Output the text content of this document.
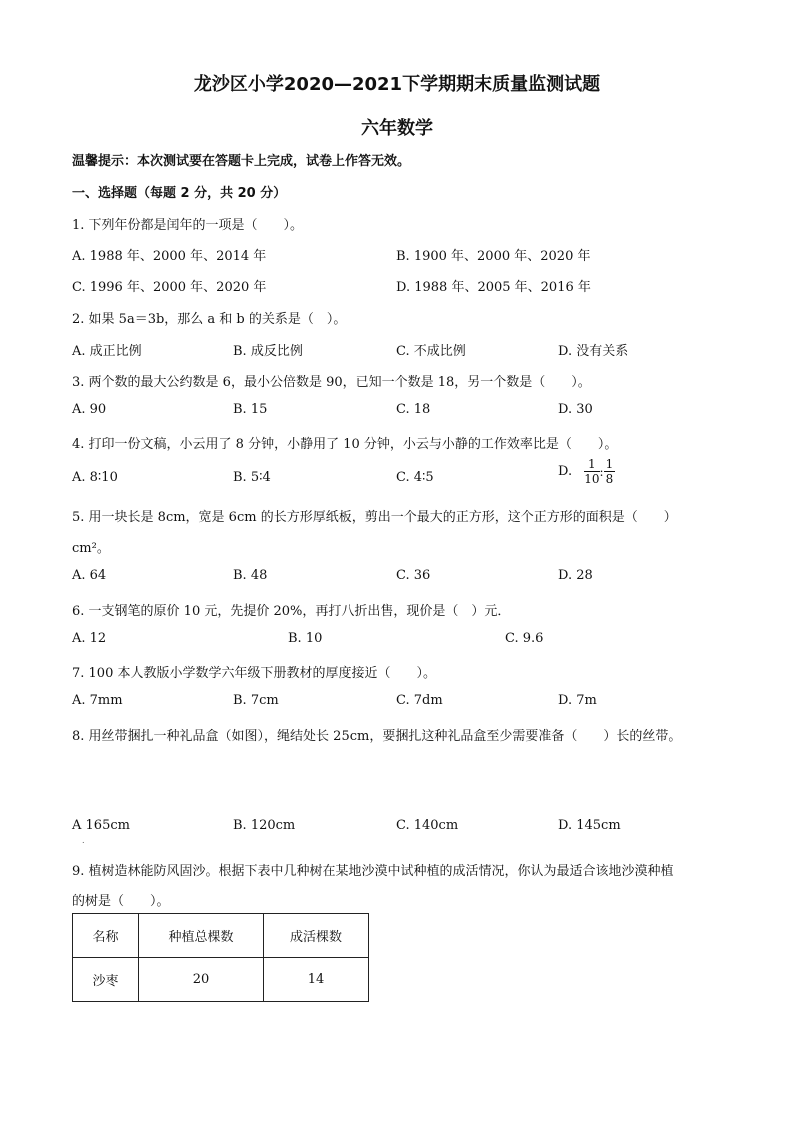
龙沙区小学2020—2021下学期期末质量监测试题
六年数学
温馨提示：本次测试要在答题卡上完成，试卷上作答无效。
一、选择题（每题 2 分，共 20 分）
1. 下列年份都是闰年的一项是（　　）。
A. 1988 年、2000 年、2014 年	B. 1900 年、2000 年、2020 年
C. 1996 年、2000 年、2020 年	D. 1988 年、2005 年、2016 年
2. 如果 5a＝3b，那么 a 和 b 的关系是（　）。
A. 成正比例	B. 成反比例	C. 不成比例	D. 没有关系
3. 两个数的最大公约数是 6，最小公倍数是 90，已知一个数是 18，另一个数是（　　）。
A. 90	B. 15	C. 18	D. 30
4. 打印一份文稿，小云用了 8 分钟，小静用了 10 分钟，小云与小静的工作效率比是（　　）。
A. 8∶10	B. 5∶4	C. 4∶5	D. $\frac{1}{10}$ : $\frac{1}{8}$
5. 用一块长是 8cm，宽是 6cm 的长方形厚纸板，剪出一个最大的正方形，这个正方形的面积是（　　）
cm²。
A. 64	B. 48	C. 36	D. 28
6. 一支钢笔的原价 10 元，先提价 20%，再打八折出售，现价是（　）元．
A. 12	B. 10	C. 9.6
7. 100 本人教版小学数学六年级下册教材的厚度接近（　　）。
A. 7mm	B. 7cm	C. 7dm	D. 7m
8. 用丝带捆扎一种礼品盒（如图），绳结处长 25cm，要捆扎这种礼品盒至少需要准备（　　）长的丝带。
A 165cm	B. 120cm	C. 140cm	D. 145cm
.
9. 植树造林能防风固沙。根据下表中几种树在某地沙漠中试种植的成活情况，你认为最适合该地沙漠种植
的树是（　　）。
名称	种植总棵数	成活棵数
沙枣	20	14
